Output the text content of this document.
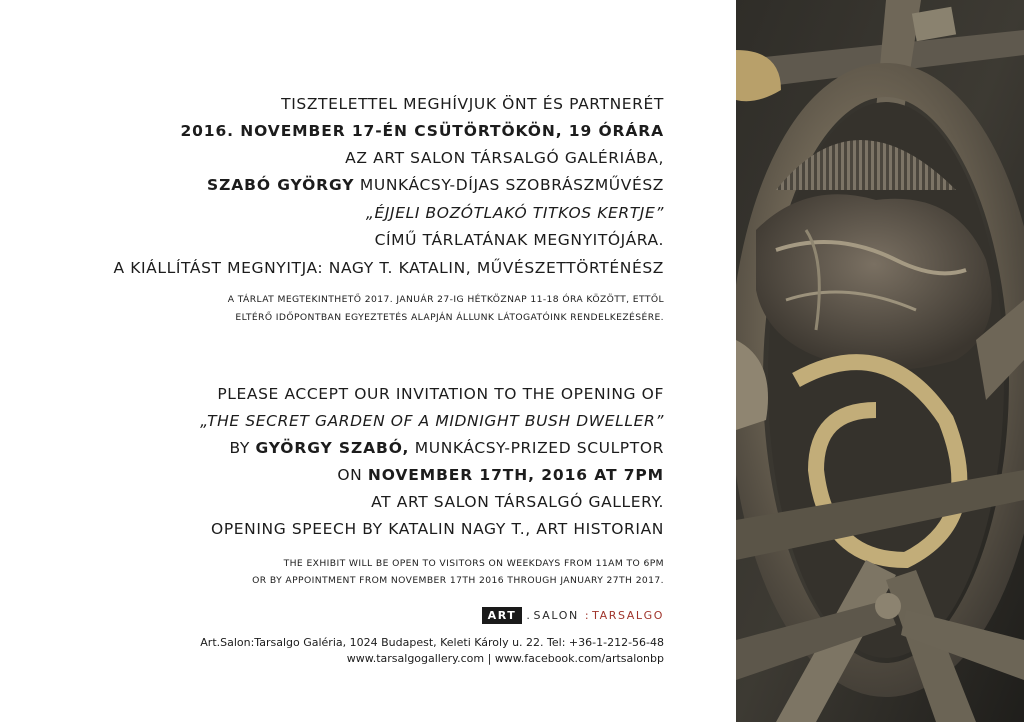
TISZTELETTEL MEGHÍVJUK ÖNT ÉS PARTNERÉT
2016. NOVEMBER 17-ÉN CSÜTÖRTÖKÖN, 19 ÓRÁRA
AZ ART SALON TÁRSALGÓ GALÉRIÁBA,
SZABÓ GYÖRGY MUNKÁCSY-DÍJAS SZOBRÁSZMŰVÉSZ
„ÉJJELI BOZÓTLAKÓ TITKOS KERTJE”
CÍMŰ TÁRLATÁNAK MEGNYITÓJÁRA.
A KIÁLLÍTÁST MEGNYITJA: NAGY T. KATALIN, MŰVÉSZETTÖRTÉNÉSZ
A TÁRLAT MEGTEKINTHETŐ 2017. JANUÁR 27-IG HÉTKÖZNAP 11-18 ÓRA KÖZÖTT, ETTŐL
ELTÉRŐ IDŐPONTBAN EGYEZTETÉS ALAPJÁN ÁLLUNK LÁTOGATÓINK RENDELKEZÉSÉRE.
PLEASE ACCEPT OUR INVITATION TO THE OPENING OF
„THE SECRET GARDEN OF A MIDNIGHT BUSH DWELLER”
BY GYÖRGY SZABÓ, MUNKÁCSY-PRIZED SCULPTOR
ON NOVEMBER 17TH, 2016 AT 7PM
AT ART SALON TÁRSALGÓ GALLERY.
OPENING SPEECH BY KATALIN NAGY T., ART HISTORIAN
THE EXHIBIT WILL BE OPEN TO VISITORS ON WEEKDAYS FROM 11AM TO 6PM
OR BY APPOINTMENT FROM NOVEMBER 17TH 2016 THROUGH JANUARY 27TH 2017.
ART . SALON : TARSALGO
Art.Salon:Tarsalgo Galéria, 1024 Budapest, Keleti Károly u. 22. Tel: +36-1-212-56-48
www.tarsalgogallery.com | www.facebook.com/artsalonbp
